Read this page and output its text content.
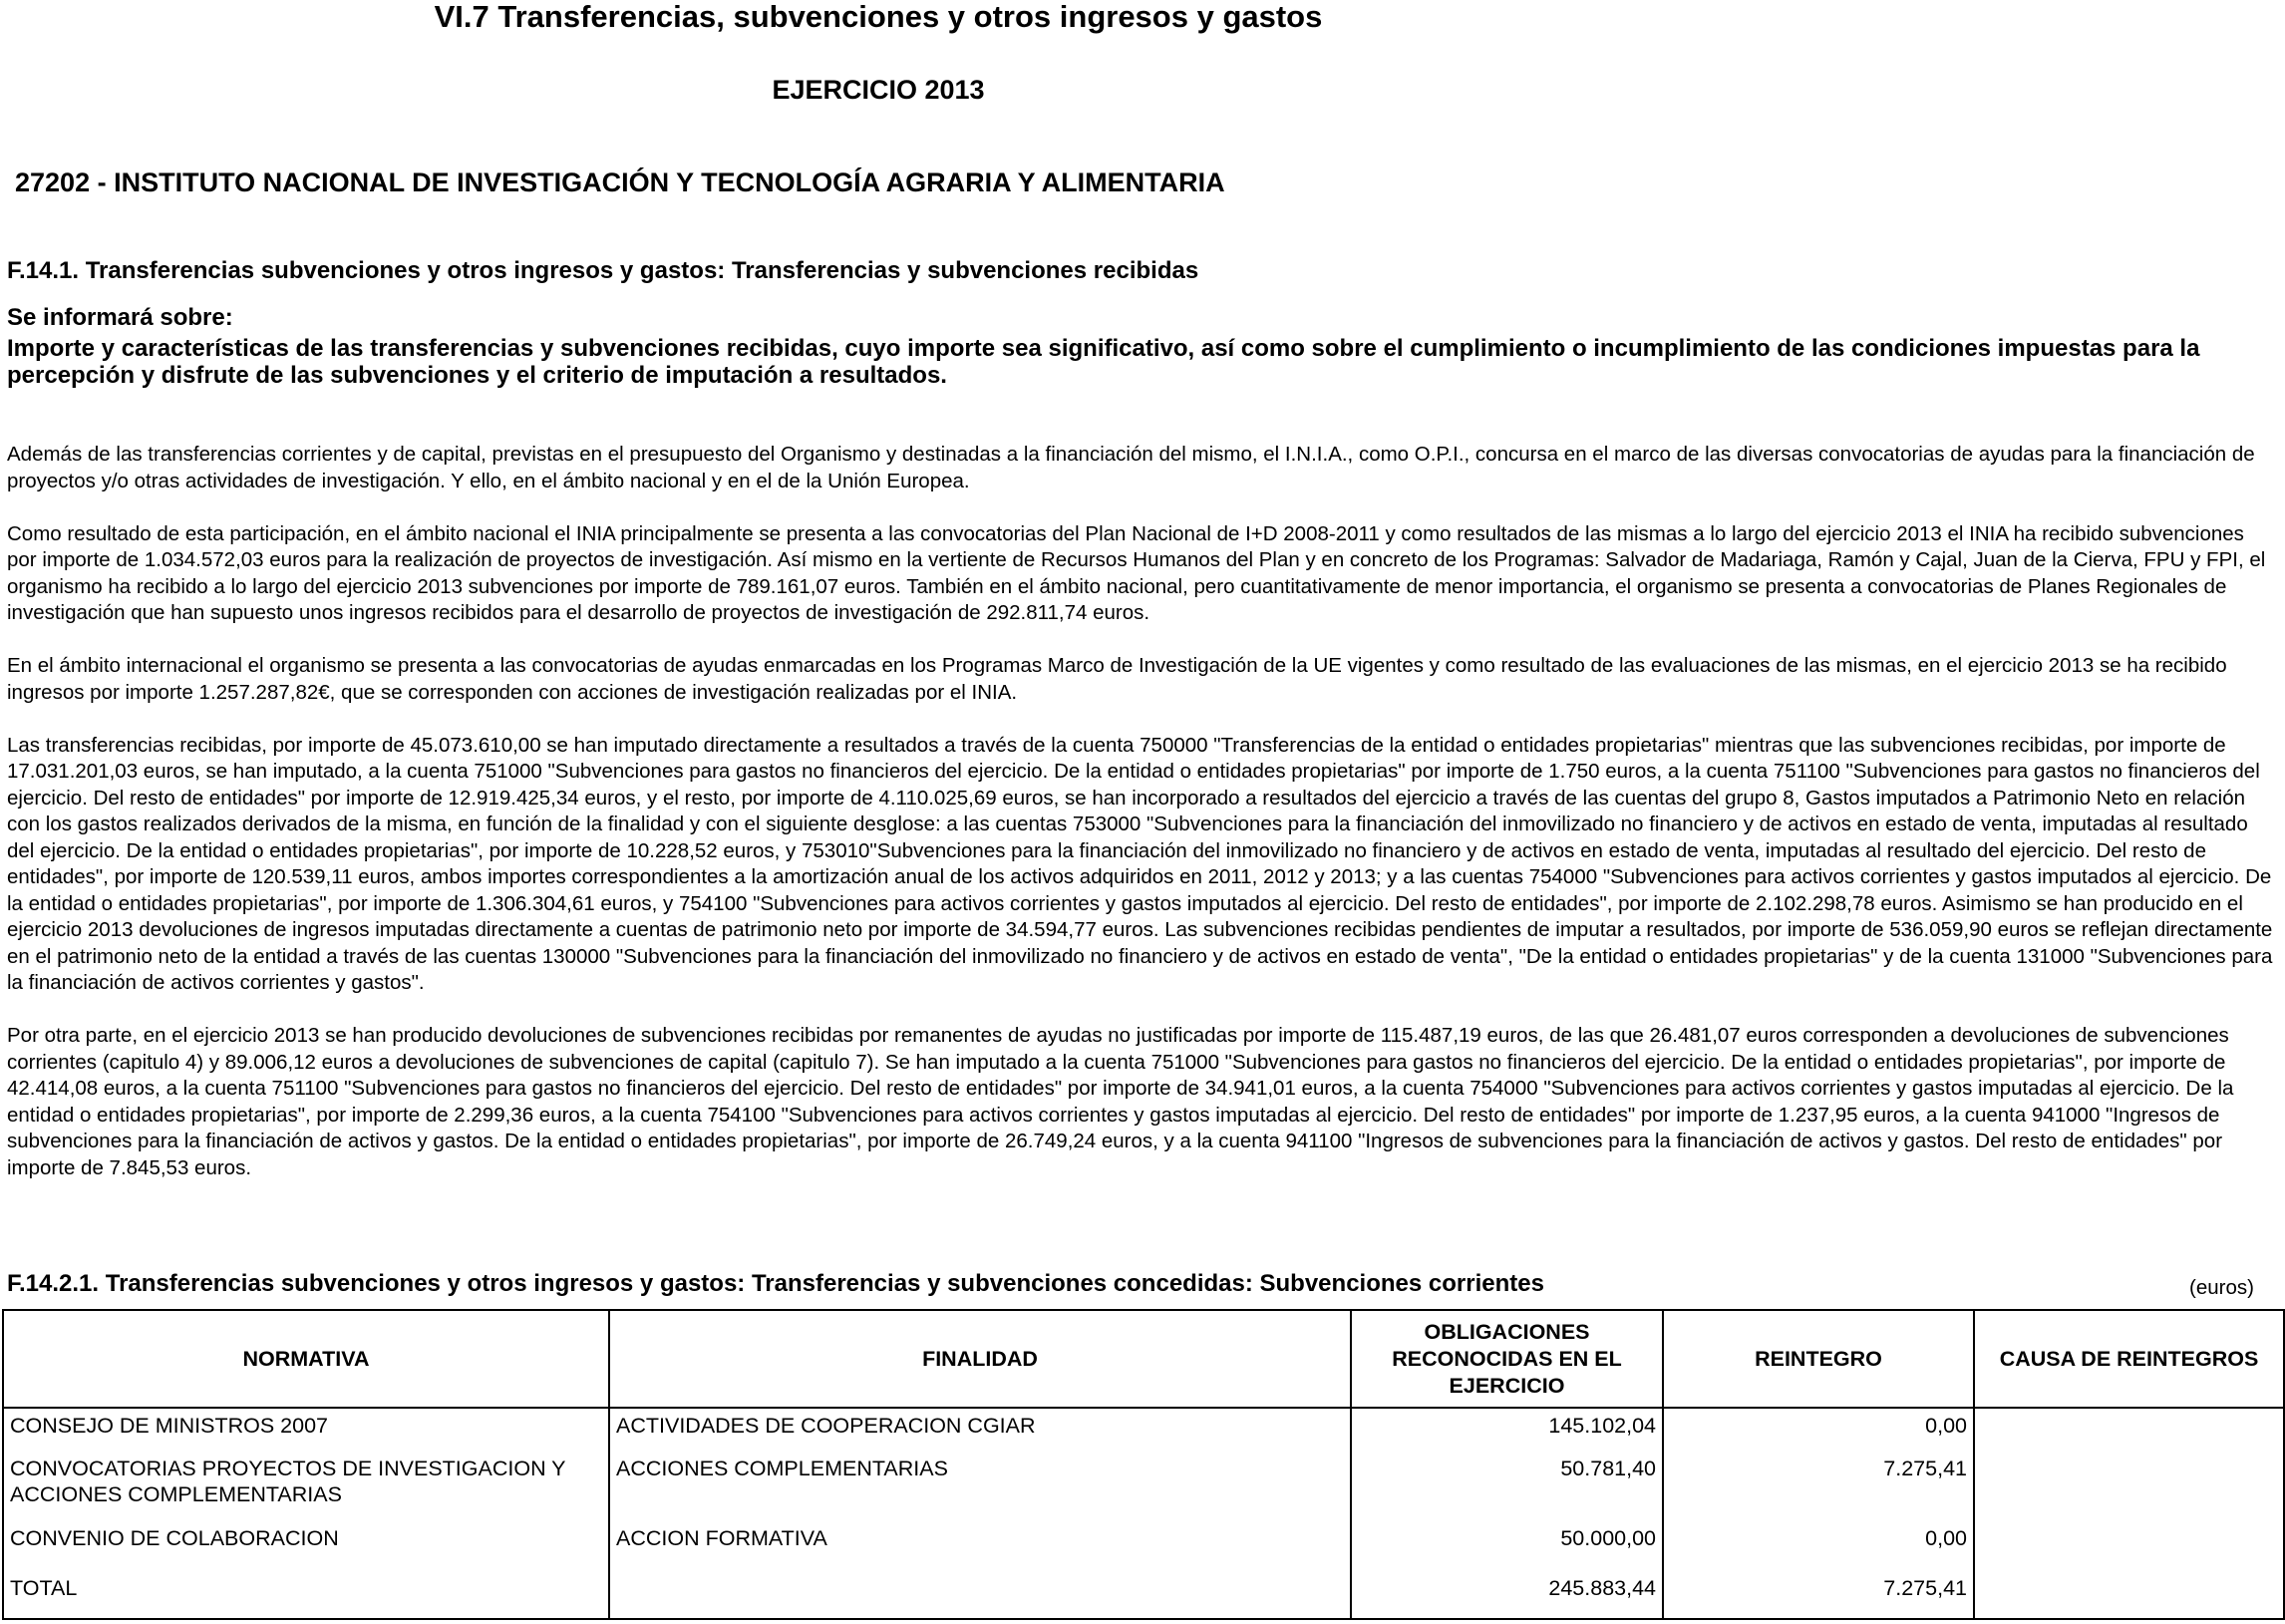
VI.7 Transferencias, subvenciones y otros ingresos y gastos
EJERCICIO 2013
27202 - INSTITUTO NACIONAL DE INVESTIGACIÓN Y TECNOLOGÍA AGRARIA Y ALIMENTARIA
F.14.1. Transferencias subvenciones y otros ingresos y gastos: Transferencias y subvenciones recibidas
Se informará sobre:
Importe y características de las transferencias y subvenciones recibidas, cuyo importe sea significativo, así como sobre el cumplimiento o incumplimiento de las condiciones impuestas para la percepción y disfrute de las subvenciones y el criterio de imputación a resultados.

Además de las transferencias corrientes y de capital, previstas en el presupuesto del Organismo y destinadas a la financiación del mismo, el I.N.I.A., como O.P.I., concursa en el marco de las diversas convocatorias de ayudas para la financiación de proyectos y/o otras actividades de investigación. Y ello, en el ámbito nacional y en el de la Unión Europea.

Como resultado de esta participación, en el ámbito nacional el INIA principalmente se presenta a las convocatorias del Plan Nacional de I+D 2008-2011 y como resultados de las mismas a lo largo del ejercicio 2013 el INIA ha recibido subvenciones por importe de 1.034.572,03 euros para la realización de proyectos de investigación. Así mismo en la vertiente de Recursos Humanos del Plan y en concreto de los Programas: Salvador de Madariaga, Ramón y Cajal, Juan de la Cierva, FPU y FPI, el organismo ha recibido a lo largo del ejercicio 2013 subvenciones por importe de 789.161,07 euros. También en el ámbito nacional, pero cuantitativamente de menor importancia, el organismo se presenta a convocatorias de Planes Regionales de investigación que han supuesto unos ingresos recibidos para el desarrollo de proyectos de investigación de 292.811,74 euros.

En el ámbito internacional el organismo se presenta a las convocatorias de ayudas enmarcadas en los Programas Marco de Investigación de la UE vigentes y como resultado de las evaluaciones de las mismas, en el ejercicio 2013 se ha recibido ingresos por importe 1.257.287,82€, que se corresponden con acciones de investigación realizadas por el INIA.

Las transferencias recibidas, por importe de 45.073.610,00 se han imputado directamente a resultados a través de la cuenta 750000 "Transferencias de la entidad o entidades propietarias" mientras que las subvenciones recibidas, por importe de 17.031.201,03 euros, se han imputado, a la cuenta 751000 "Subvenciones para gastos no financieros del ejercicio. De la entidad o entidades propietarias" por importe de 1.750 euros, a la cuenta 751100 "Subvenciones para gastos no financieros del ejercicio. Del resto de entidades" por importe de 12.919.425,34 euros, y el resto, por importe de 4.110.025,69 euros, se han incorporado a resultados del ejercicio a través de las cuentas del grupo 8, Gastos imputados a Patrimonio Neto en relación con los gastos realizados derivados de la misma, en función de la finalidad y con el siguiente desglose: a las cuentas 753000 "Subvenciones para la financiación del inmovilizado no financiero y de activos en estado de venta, imputadas al resultado del ejercicio. De la entidad o entidades propietarias", por importe de 10.228,52 euros, y 753010"Subvenciones para la financiación del inmovilizado no financiero y de activos en estado de venta, imputadas al resultado del ejercicio. Del resto de entidades", por importe de 120.539,11 euros, ambos importes correspondientes a la amortización anual de los activos adquiridos en 2011, 2012 y 2013; y a las cuentas 754000 "Subvenciones para activos corrientes y gastos imputados al ejercicio. De la entidad o entidades propietarias", por importe de 1.306.304,61 euros, y 754100 "Subvenciones para activos corrientes y gastos imputados al ejercicio. Del resto de entidades", por importe de 2.102.298,78 euros. Asimismo se han producido en el ejercicio 2013 devoluciones de ingresos imputadas directamente a cuentas de patrimonio neto por importe de 34.594,77 euros. Las subvenciones recibidas pendientes de imputar a resultados, por importe de 536.059,90 euros se reflejan directamente en el patrimonio neto de la entidad a través de las cuentas 130000 "Subvenciones para la financiación del inmovilizado no financiero y de activos en estado de venta", "De la entidad o entidades propietarias" y de la cuenta 131000 "Subvenciones para la financiación de activos corrientes y gastos".

Por otra parte, en el ejercicio 2013 se han producido devoluciones de subvenciones recibidas por remanentes de ayudas no justificadas por importe de 115.487,19 euros, de las que 26.481,07 euros corresponden a devoluciones de subvenciones corrientes (capitulo 4) y 89.006,12 euros a devoluciones de subvenciones de capital (capitulo 7). Se han imputado a la cuenta 751000 "Subvenciones para gastos no financieros del ejercicio. De la entidad o entidades propietarias", por importe de 42.414,08 euros, a la cuenta 751100 "Subvenciones para gastos no financieros del ejercicio. Del resto de entidades" por importe de 34.941,01 euros, a la cuenta 754000 "Subvenciones para activos corrientes y gastos imputadas al ejercicio. De la entidad o entidades propietarias", por importe de 2.299,36 euros, a la cuenta 754100 "Subvenciones para activos corrientes y gastos imputadas al ejercicio. Del resto de entidades" por importe de 1.237,95 euros, a la cuenta 941000 "Ingresos de subvenciones para la financiación de activos y gastos. De la entidad o entidades propietarias", por importe de 26.749,24 euros, y a la cuenta 941100 "Ingresos de subvenciones para la financiación de activos y gastos. Del resto de entidades" por importe de 7.845,53 euros.

F.14.2.1. Transferencias subvenciones y otros ingresos y gastos: Transferencias y subvenciones concedidas: Subvenciones corrientes	(euros)
NORMATIVA	FINALIDAD	OBLIGACIONES RECONOCIDAS EN EL EJERCICIO	REINTEGRO	CAUSA DE REINTEGROS
CONSEJO DE MINISTROS 2007	ACTIVIDADES DE COOPERACION CGIAR	145.102,04	0,00	
CONVOCATORIAS PROYECTOS DE INVESTIGACION Y ACCIONES COMPLEMENTARIAS	ACCIONES COMPLEMENTARIAS	50.781,40	7.275,41	
CONVENIO DE COLABORACION	ACCION FORMATIVA	50.000,00	0,00	
TOTAL		245.883,44	7.275,41	
